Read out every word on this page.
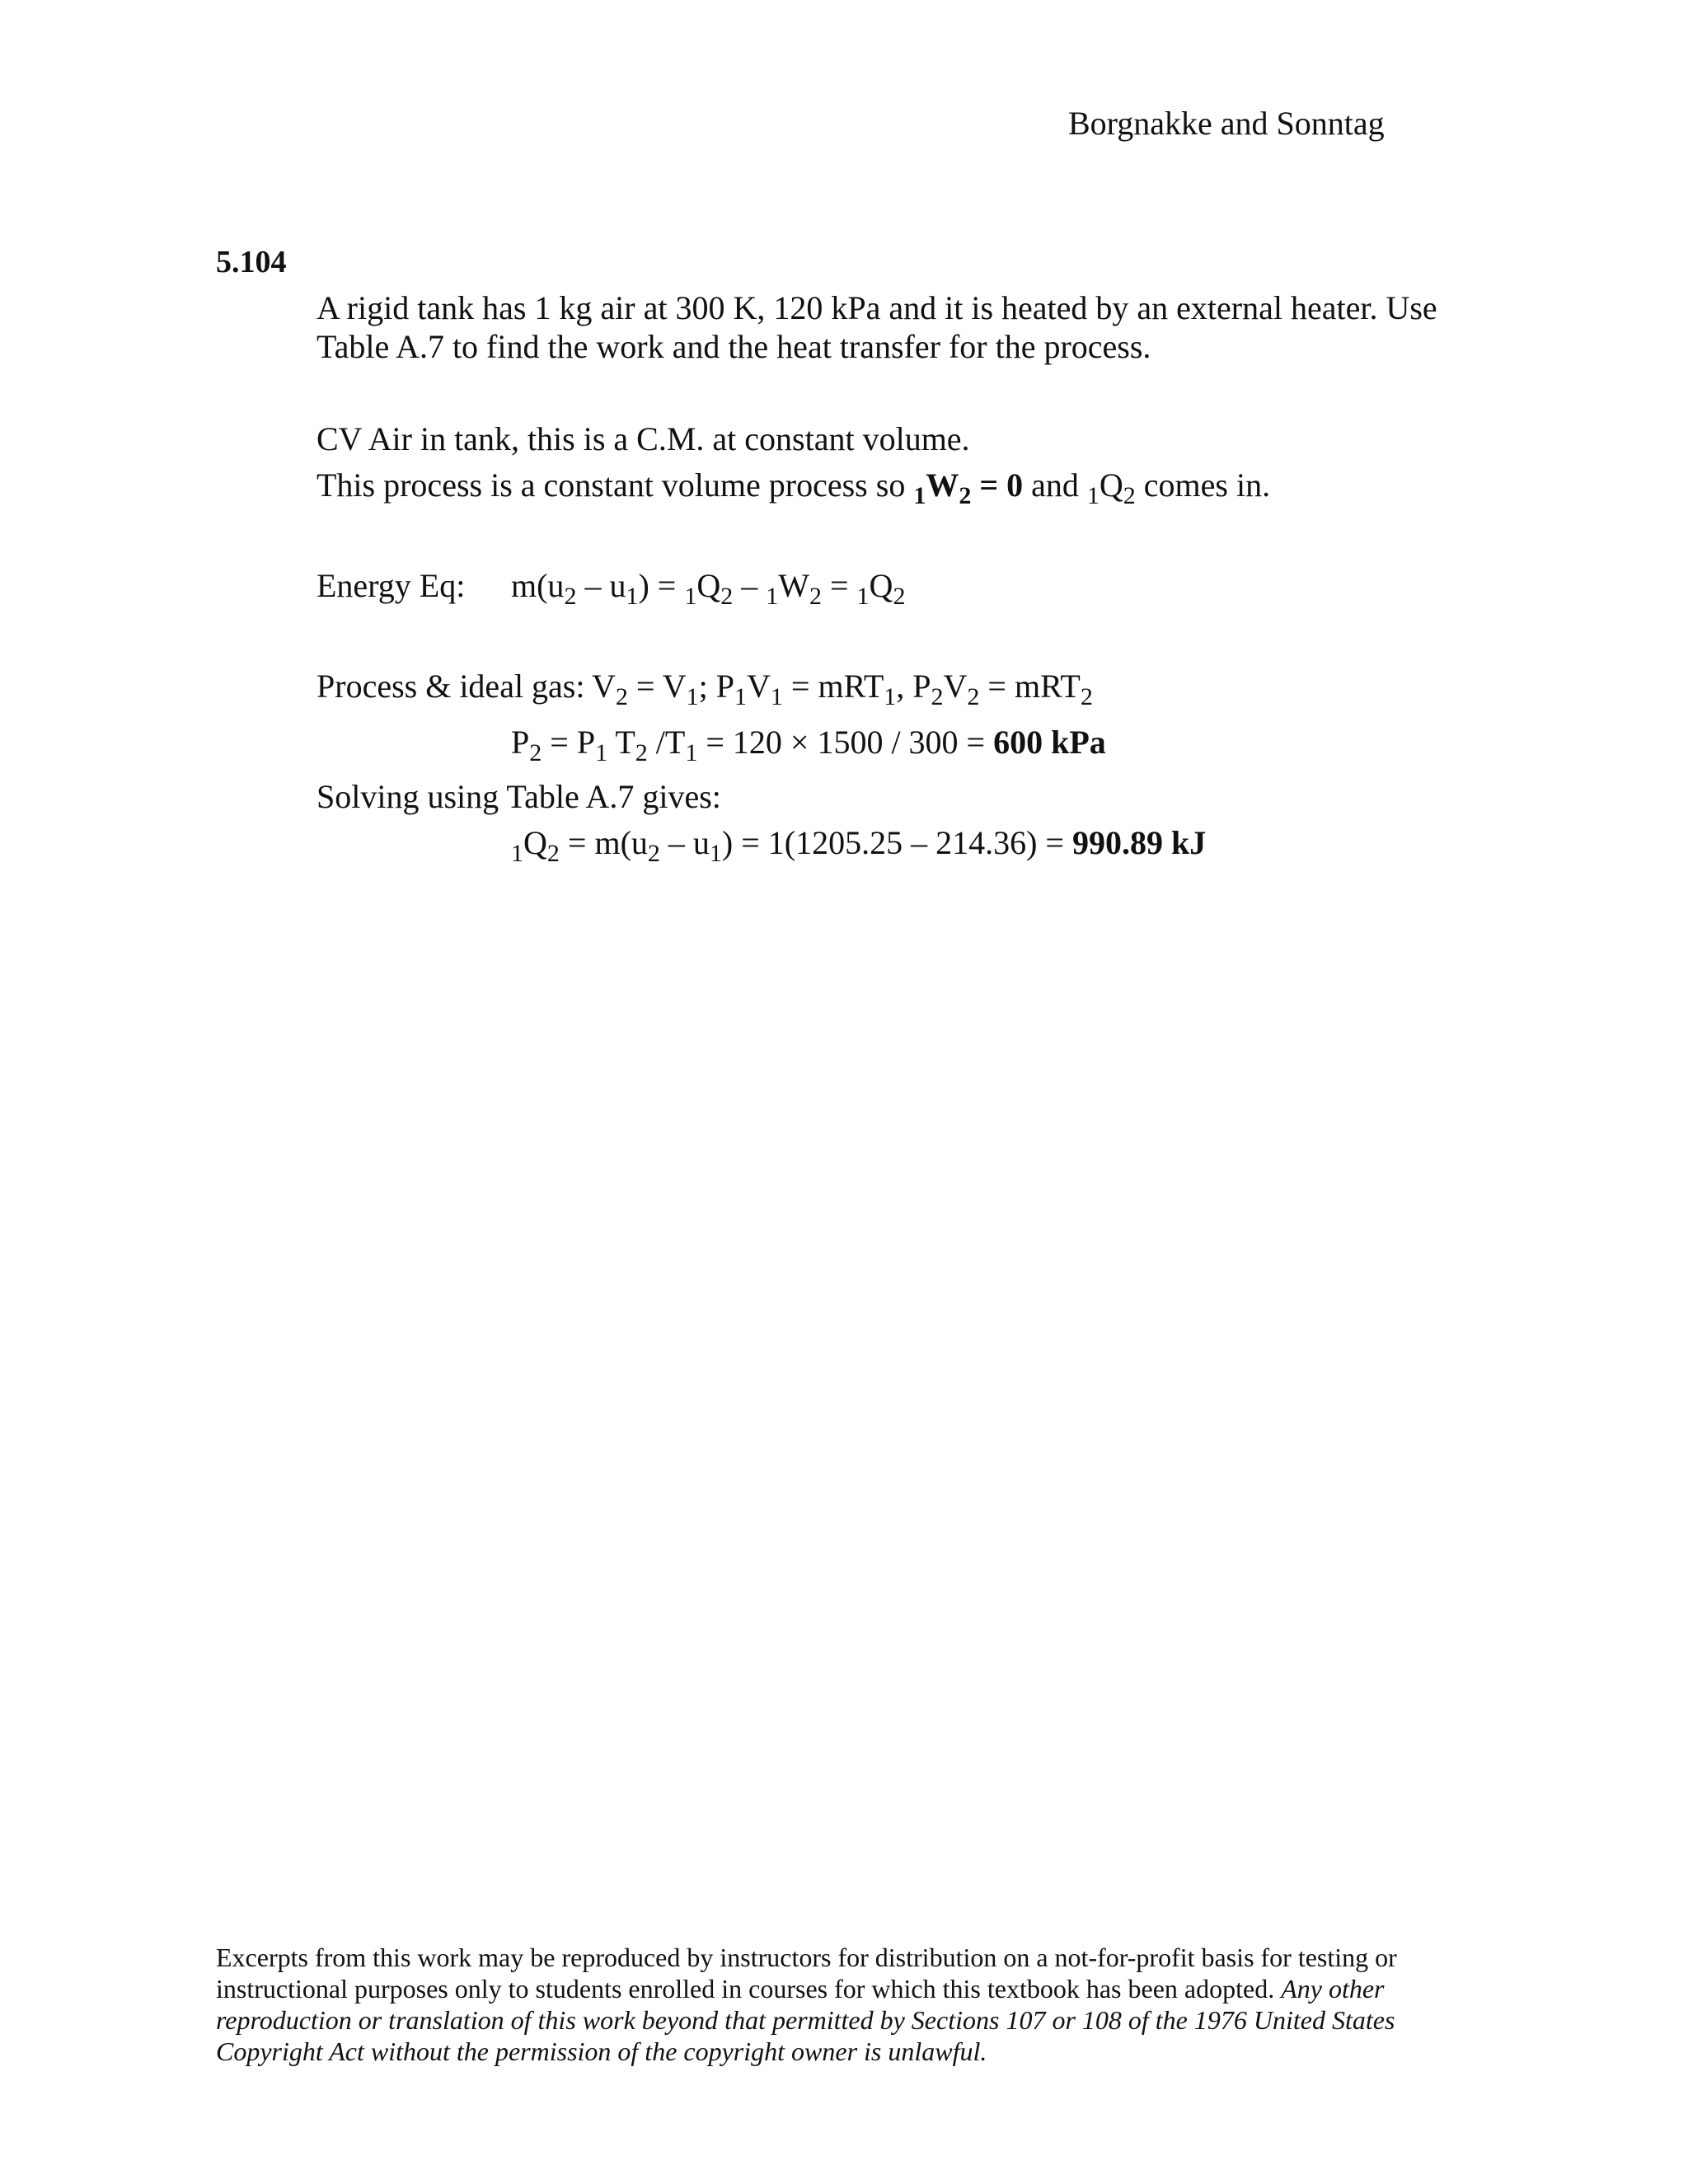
Borgnakke and Sonntag
5.104
A rigid tank has 1 kg air at 300 K, 120 kPa and it is heated by an external heater. Use Table A.7 to find the work and the heat transfer for the process.
CV Air in tank, this is a C.M. at constant volume.
This process is a constant volume process so $_1W_2 = 0$ and $_1Q_2$ comes in.
Energy Eq: $m(u_2 - u_1) = _1Q_2 - _1W_2 = _1Q_2$
Process & ideal gas: $V_2 = V_1$; $P_1V_1 = mRT_1$, $P_2V_2 = mRT_2$
$P_2 = P_1$ $T_2$ $/T_1 = 120 \times 1500 / 300 = 600$ kPa
Solving using Table A.7 gives:
$_1Q_2 = m(u_2 - u_1) = 1(1205.25 - 214.36) = 990.89$ kJ
Excerpts from this work may be reproduced by instructors for distribution on a not-for-profit basis for testing or instructional purposes only to students enrolled in courses for which this textbook has been adopted. Any other reproduction or translation of this work beyond that permitted by Sections 107 or 108 of the 1976 United States Copyright Act without the permission of the copyright owner is unlawful.
